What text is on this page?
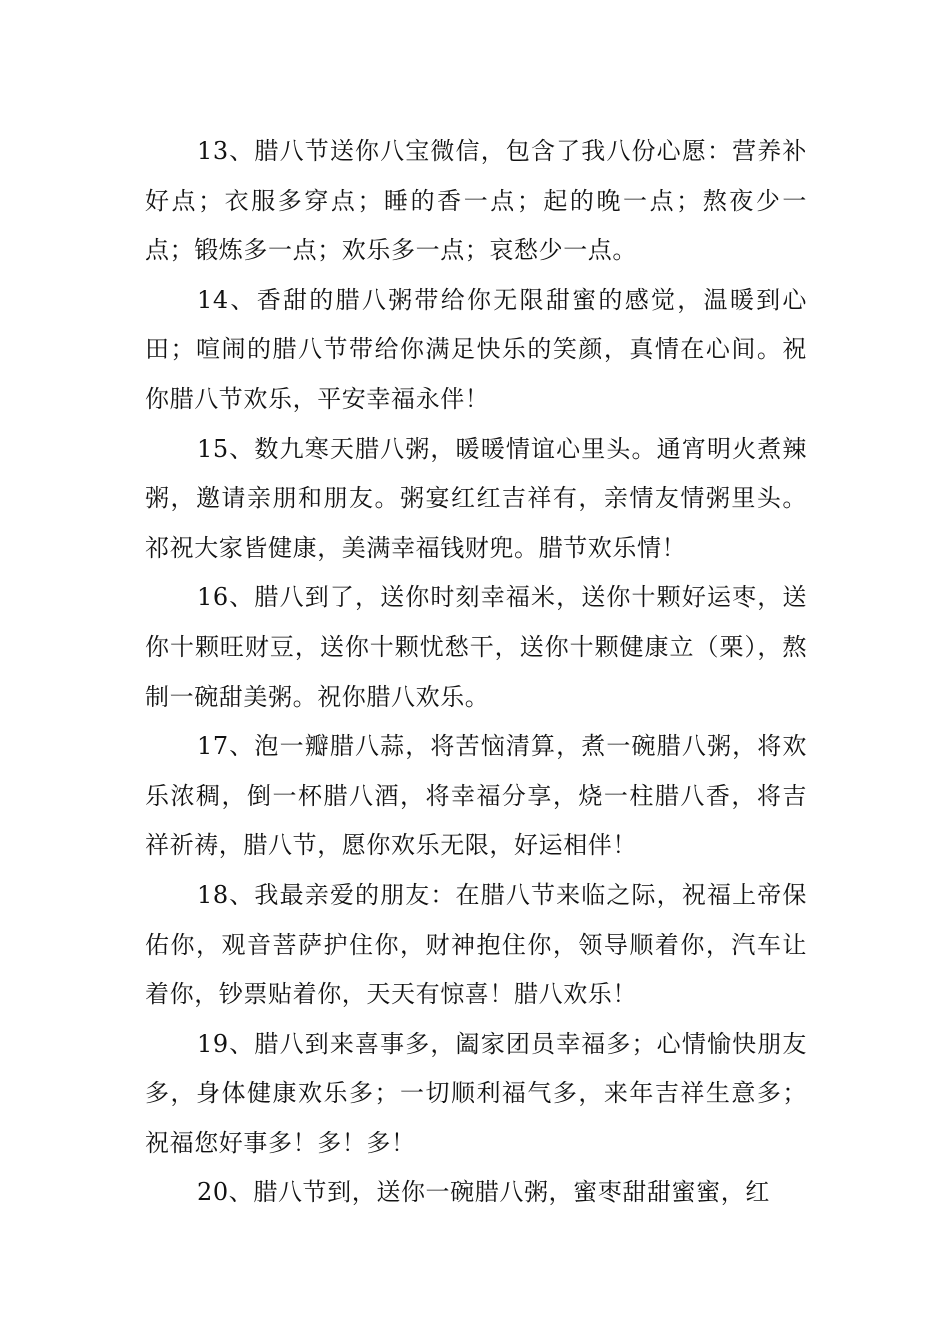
13、腊八节送你八宝微信，包含了我八份心愿：营养补好点；衣服多穿点；睡的香一点；起的晚一点；熬夜少一点；锻炼多一点；欢乐多一点；哀愁少一点。

14、香甜的腊八粥带给你无限甜蜜的感觉，温暖到心田；喧闹的腊八节带给你满足快乐的笑颜，真情在心间。祝你腊八节欢乐，平安幸福永伴！

15、数九寒天腊八粥，暖暖情谊心里头。通宵明火煮辣粥，邀请亲朋和朋友。粥宴红红吉祥有，亲情友情粥里头。祁祝大家皆健康，美满幸福钱财兜。腊节欢乐情！

16、腊八到了，送你时刻幸福米，送你十颗好运枣，送你十颗旺财豆，送你十颗忧愁干，送你十颗健康立（栗），熬制一碗甜美粥。祝你腊八欢乐。

17、泡一瓣腊八蒜，将苦恼清算，煮一碗腊八粥，将欢乐浓稠，倒一杯腊八酒，将幸福分享，烧一柱腊八香，将吉祥祈祷，腊八节，愿你欢乐无限，好运相伴！

18、我最亲爱的朋友：在腊八节来临之际，祝福上帝保佑你，观音菩萨护住你，财神抱住你，领导顺着你，汽车让着你，钞票贴着你，天天有惊喜！腊八欢乐！

19、腊八到来喜事多，阖家团员幸福多；心情愉快朋友多，身体健康欢乐多；一切顺利福气多，来年吉祥生意多；祝福您好事多！多！多！

20、腊八节到，送你一碗腊八粥，蜜枣甜甜蜜蜜，红
